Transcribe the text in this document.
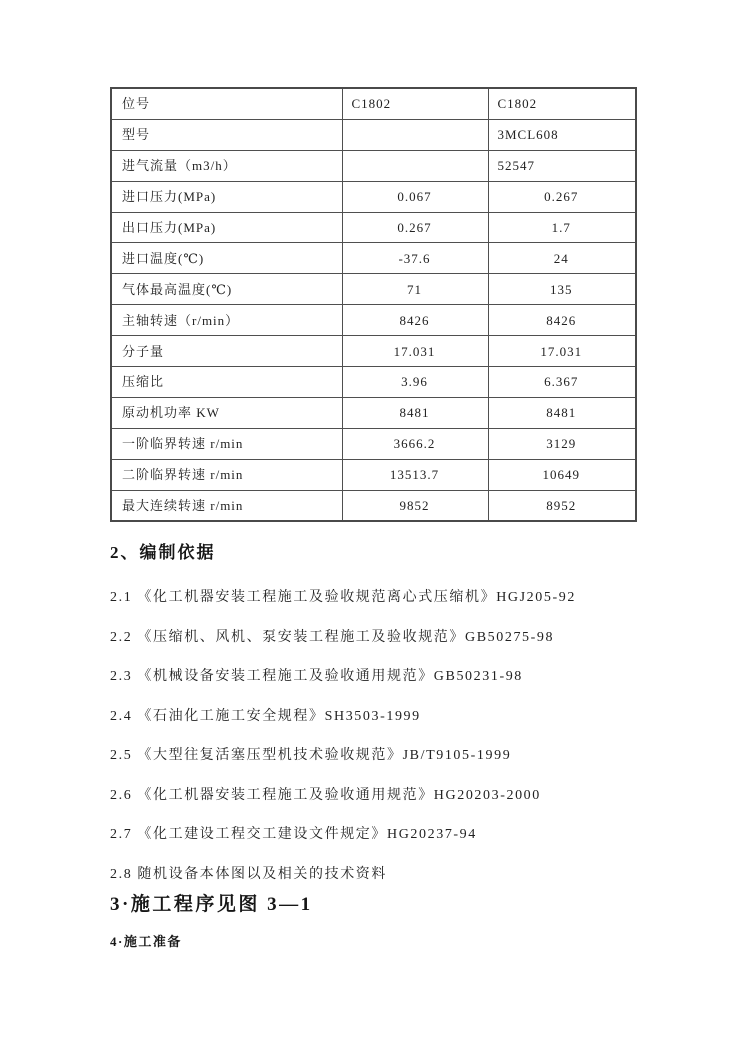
位号	C1802	C1802
型号		3MCL608
进气流量（m3/h）		52547
进口压力(MPa)	0.067	0.267
出口压力(MPa)	0.267	1.7
进口温度(℃)	-37.6	24
气体最高温度(℃)	71	135
主轴转速（r/min）	8426	8426
分子量	17.031	17.031
压缩比	3.96	6.367
原动机功率 KW	8481	8481
一阶临界转速 r/min	3666.2	3129
二阶临界转速 r/min	13513.7	10649
最大连续转速 r/min	9852	8952
2、编制依据
2.1 《化工机器安装工程施工及验收规范离心式压缩机》HGJ205-92
2.2 《压缩机、风机、泵安装工程施工及验收规范》GB50275-98
2.3 《机械设备安装工程施工及验收通用规范》GB50231-98
2.4 《石油化工施工安全规程》SH3503-1999
2.5 《大型往复活塞压型机技术验收规范》JB/T9105-1999
2.6 《化工机器安装工程施工及验收通用规范》HG20203-2000
2.7 《化工建设工程交工建设文件规定》HG20237-94
2.8 随机设备本体图以及相关的技术资料
3·施工程序见图 3—1
4·施工准备
